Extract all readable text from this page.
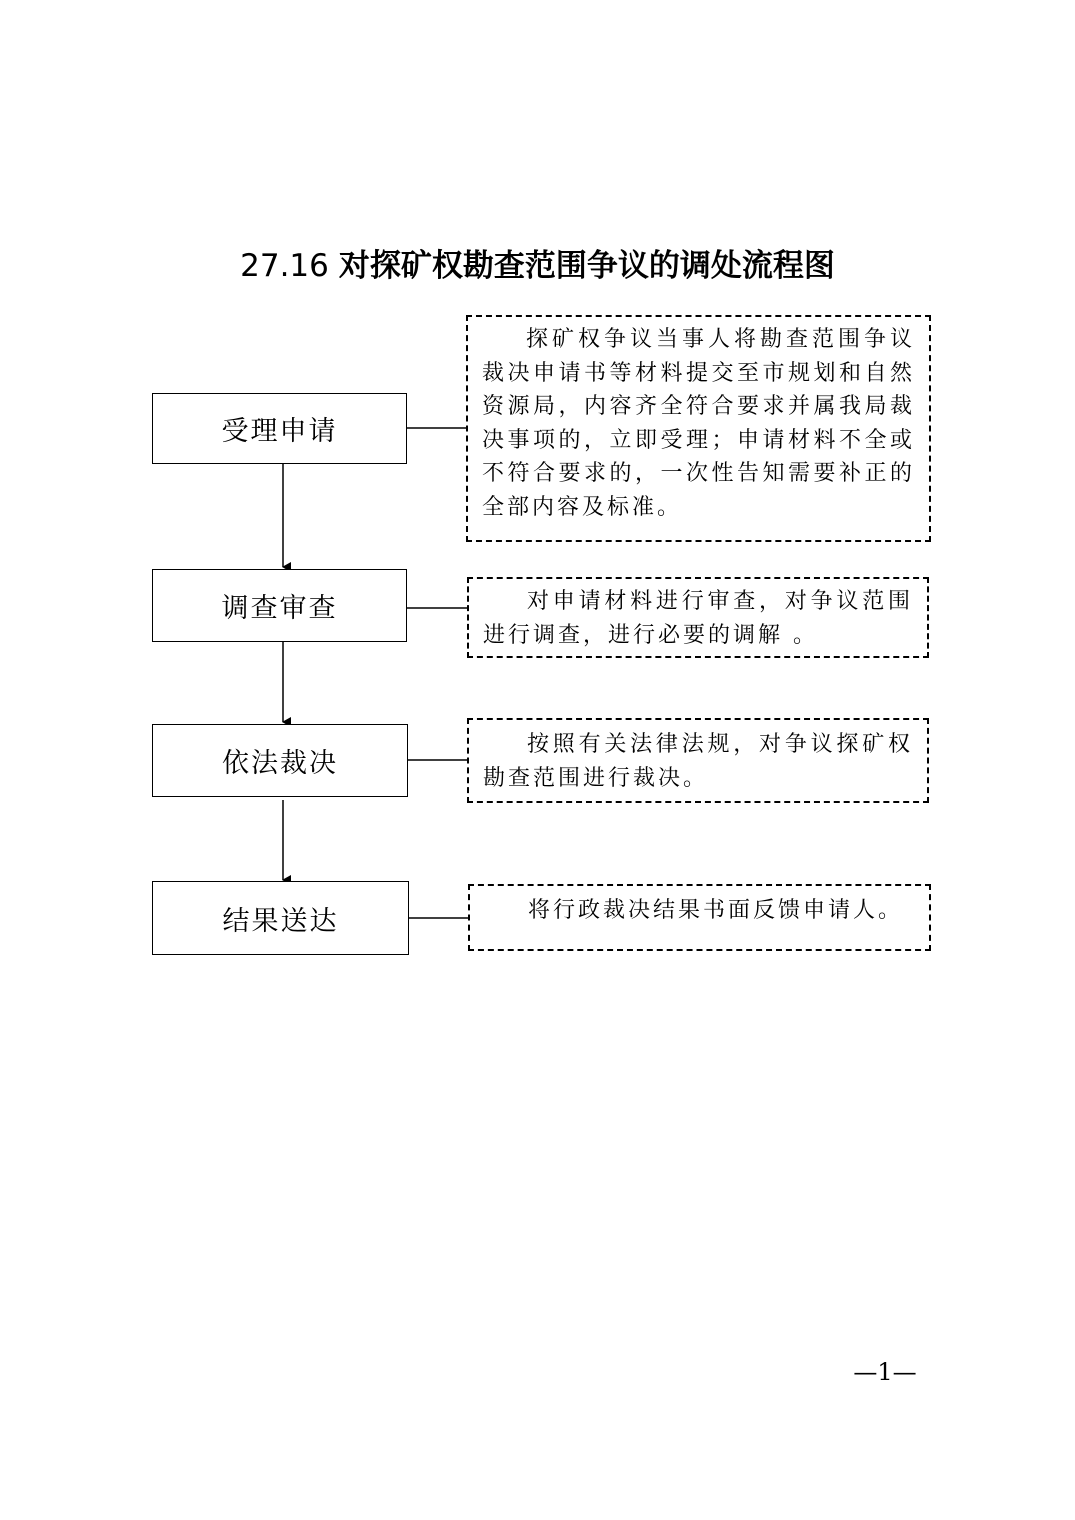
27.16 对探矿权勘查范围争议的调处流程图
受理申请

探矿权争议当事人将勘查范围争议裁决申请书等材料提交至市规划和自然资源局，内容齐全符合要求并属我局裁决事项的，立即受理；申请材料不全或不符合要求的，一次性告知需要补正的全部内容及标准。

调查审查	对申请材料进行审查，对争议范围进行调查，进行必要的调解 。

依法裁决

按照有关法律法规，对争议探矿权勘查范围进行裁决。

结果送达	将行政裁决结果书面反馈申请人。

—1—
